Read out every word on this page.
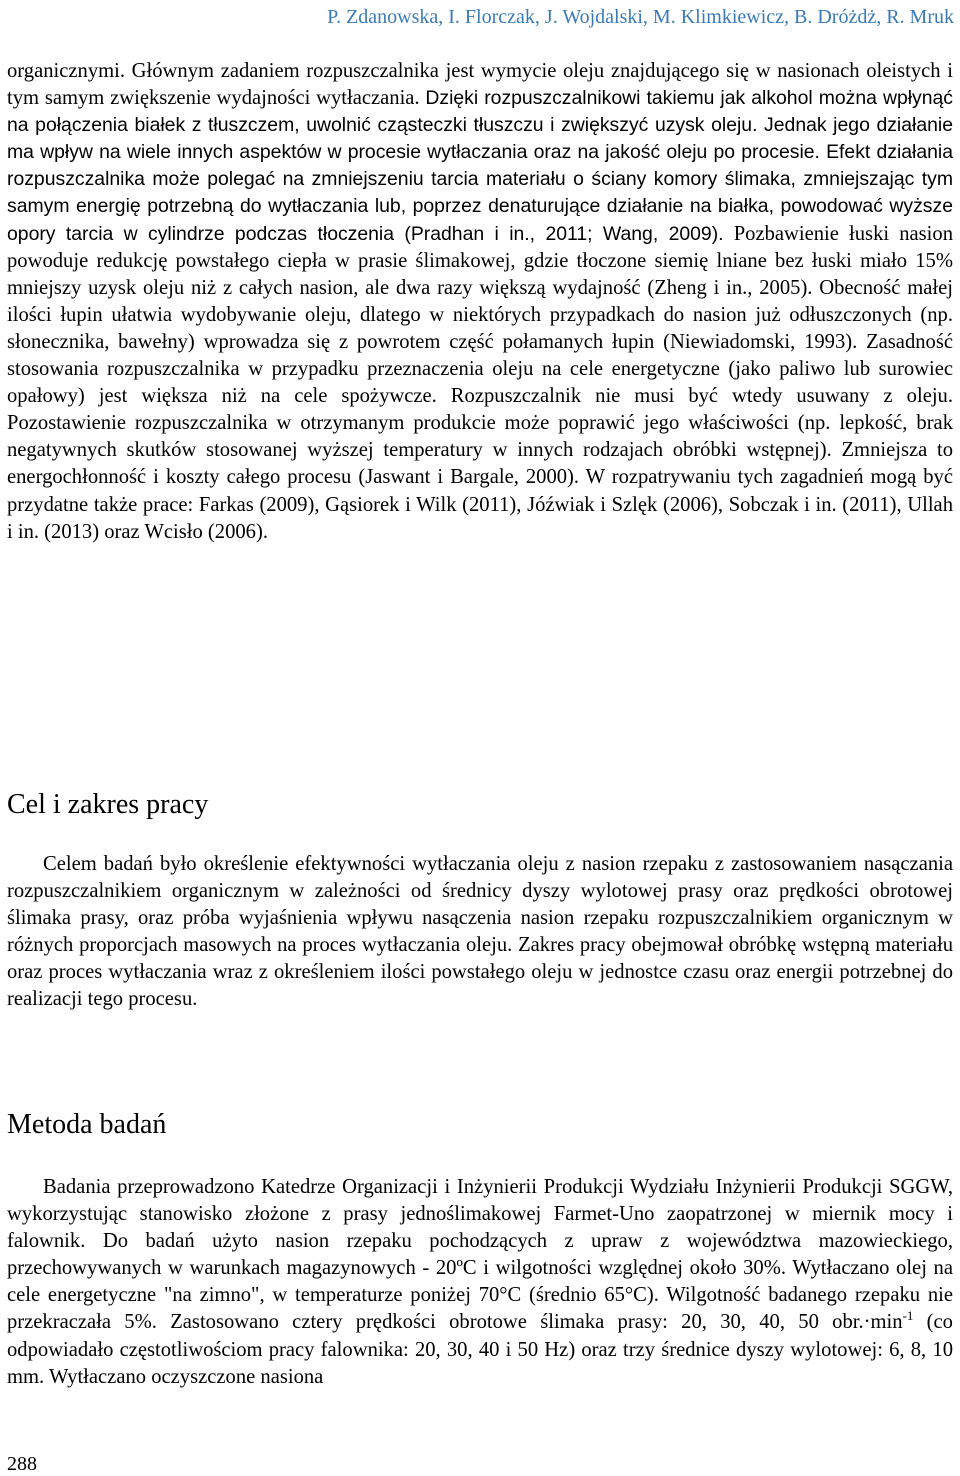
P. Zdanowska, I. Florczak, J. Wojdalski, M. Klimkiewicz, B. Dróżdż, R. Mruk

organicznymi. Głównym zadaniem rozpuszczalnika jest wymycie oleju znajdującego się w nasionach oleistych i tym samym zwiększenie wydajności wytłaczania. Dzięki rozpuszczalnikowi takiemu jak alkohol można wpłynąć na połączenia białek z tłuszczem, uwolnić cząsteczki tłuszczu i zwiększyć uzysk oleju. Jednak jego działanie ma wpływ na wiele innych aspektów w procesie wytłaczania oraz na jakość oleju po procesie. Efekt działania rozpuszczalnika może polegać na zmniejszeniu tarcia materiału o ściany komory ślimaka, zmniejszając tym samym energię potrzebną do wytłaczania lub, poprzez denaturujące działanie na białka, powodować wyższe opory tarcia w cylindrze podczas tłoczenia (Pradhan i in., 2011; Wang, 2009). Pozbawienie łuski nasion powoduje redukcję powstałego ciepła w prasie ślimakowej, gdzie tłoczone siemię lniane bez łuski miało 15% mniejszy uzysk oleju niż z całych nasion, ale dwa razy większą wydajność (Zheng i in., 2005). Obecność małej ilości łupin ułatwia wydobywanie oleju, dlatego w niektórych przypadkach do nasion już odłuszczonych (np. słonecznika, bawełny) wprowadza się z powrotem część połamanych łupin (Niewiadomski, 1993). Zasadność stosowania rozpuszczalnika w przypadku przeznaczenia oleju na cele energetyczne (jako paliwo lub surowiec opałowy) jest większa niż na cele spożywcze. Rozpuszczalnik nie musi być wtedy usuwany z oleju. Pozostawienie rozpuszczalnika w otrzymanym produkcie może poprawić jego właściwości (np. lepkość, brak negatywnych skutków stosowanej wyższej temperatury w innych rodzajach obróbki wstępnej). Zmniejsza to energochłonność i koszty całego procesu (Jaswant i Bargale, 2000). W rozpatrywaniu tych zagadnień mogą być przydatne także prace: Farkas (2009), Gąsiorek i Wilk (2011), Jóźwiak i Szlęk (2006), Sobczak i in. (2011), Ullah i in. (2013) oraz Wcisło (2006).

Cel i zakres pracy

Celem badań było określenie efektywności wytłaczania oleju z nasion rzepaku z zastosowaniem nasączania rozpuszczalnikiem organicznym w zależności od średnicy dyszy wylotowej prasy oraz prędkości obrotowej ślimaka prasy, oraz próba wyjaśnienia wpływu nasączenia nasion rzepaku rozpuszczalnikiem organicznym w różnych proporcjach masowych na proces wytłaczania oleju. Zakres pracy obejmował obróbkę wstępną materiału oraz proces wytłaczania wraz z określeniem ilości powstałego oleju w jednostce czasu oraz energii potrzebnej do realizacji tego procesu.

Metoda badań

Badania przeprowadzono Katedrze Organizacji i Inżynierii Produkcji Wydziału Inżynierii Produkcji SGGW, wykorzystując stanowisko złożone z prasy jednoślimakowej Farmet-Uno zaopatrzonej w miernik mocy i falownik. Do badań użyto nasion rzepaku pochodzących z upraw z województwa mazowieckiego, przechowywanych w warunkach magazynowych - 20ºC i wilgotności względnej około 30%. Wytłaczano olej na cele energetyczne "na zimno", w temperaturze poniżej 70°C (średnio 65°C). Wilgotność badanego rzepaku nie przekraczała 5%. Zastosowano cztery prędkości obrotowe ślimaka prasy: 20, 30, 40, 50 $obr.\cdot\min^{-1}$ (co odpowiadało częstotliwościom pracy falownika: 20, 30, 40 i 50 Hz) oraz trzy średnice dyszy wylotowej: 6, 8, 10 mm. Wytłaczano oczyszczone nasiona

288
